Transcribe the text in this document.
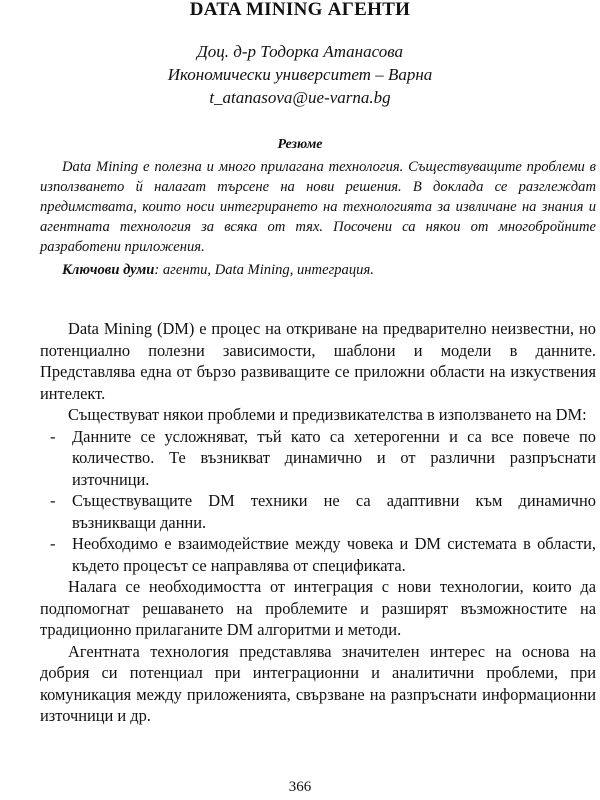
DATA MINING АГЕНТИ
Доц. д-р Тодорка Атанасова
Икономически университет – Варна
t_atanasova@ue-varna.bg
Резюме
Data Mining е полезна и много прилагана технология. Съществуващите проблеми в използването й налагат търсене на нови решения. В доклада се разглеждат предимствата, които носи интегрирането на технологията за извличане на знания и агентната технология за всяка от тях. Посочени са някои от многобройните разработени приложения.
Ключови думи: агенти, Data Mining, интеграция.

Data Mining (DM) е процес на откриване на предварително неизвестни, но потенциално полезни зависимости, шаблони и модели в данните. Представлява една от бързо развиващите се приложни области на изкуствения интелект.

Съществуват някои проблеми и предизвикателства в използването на DM:

- Данните се усложняват, тъй като са хетерогенни и са все повече по количество. Те възникват динамично и от различни разпръснати източници.
- Съществуващите DM техники не са адаптивни към динамично възникващи данни.
- Необходимо е взаимодействие между човека и DM системата в области, където процесът се направлява от спецификата.

Налага се необходимостта от интеграция с нови технологии, които да подпомогнат решаването на проблемите и разширят възможностите на традиционно прилаганите DM алгоритми и методи.

Агентната технология представлява значителен интерес на основа на добрия си потенциал при интеграционни и аналитични проблеми, при комуникация между приложенията, свързване на разпръснати информационни източници и др.

366
